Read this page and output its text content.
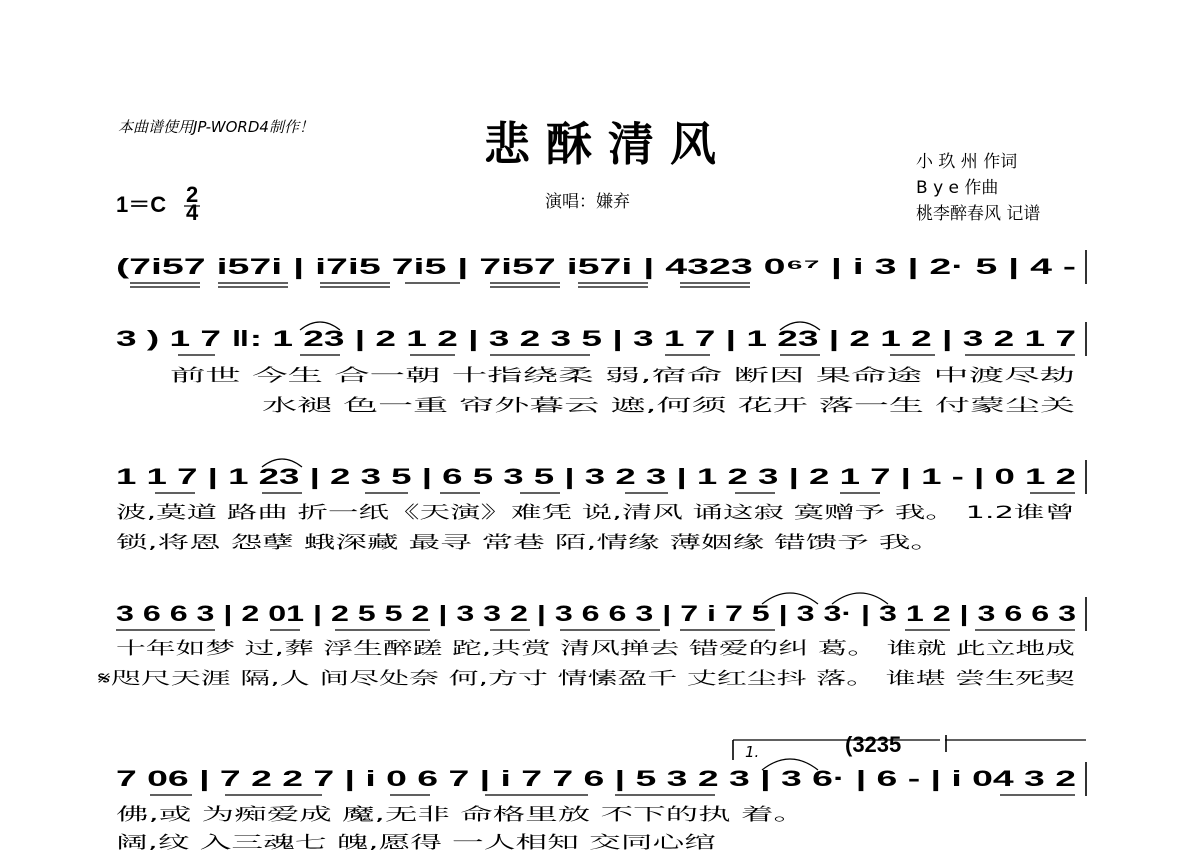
本曲谱使用JP-WORD4制作！	悲 酥 清 风
1＝C 2
4	演唱：嫌弃
小 玖 州 作词
B y e 作曲
桃李醉春风 记谱
(7i57 i57i | i7i5 7i5 | 7i57 i57i | 4323 0⁶⁷ | i 3 | 2· 5 | 4 -
3 ) 1 7 ‖: 1 23 | 2 1 2 | 3 2 3 5 | 3 1 7 | 1 23 | 2 1 2 | 3 2 1 7
前世 今生 合一朝 十指绕柔 弱,宿命 断因 果命途 中渡尽劫
水褪 色一重 帘外暮云 遮,何须 花开 落一生 付蒙尘关
1 1 7 | 1 23 | 2 3 5 | 6 5 3 5 | 3 2 3 | 1 2 3 | 2 1 7 | 1 - | 0 1 2
波,莫道 路曲 折一纸《天演》难凭 说,清风 诵这寂 寞赠予 我。 1.2谁曾
锁,将恩 怨孽 蛾深藏 最寻 常巷 陌,情缘 薄姻缘 错馈予 我。
3 6 6 3 | 2 01 | 2 5 5 2 | 3 3 2 | 3 6 6 3 | 7 i 7 5 | 3 3· | 3 1 2 | 3 6 6 3
十年如梦 过,葬 浮生醉蹉 跎,共赏 清风掸去 错爱的纠 葛。 谁就 此立地成
𝄋咫尺天涯 隔,人 间尽处奈 何,方寸 情愫盈千 丈红尘抖 落。 谁堪 尝生死契
1.	(3235
7 06 | 7 2 2 7 | i 0 6 7 | i 7 7 6 | 5 3 2 3 | 3 6· | 6 - | i 04 3 2
佛,或 为痴爱成 魔,无非 命格里放 不下的执 着。
阔,纹 入三魂七 魄,愿得 一人相知 交同心绾
